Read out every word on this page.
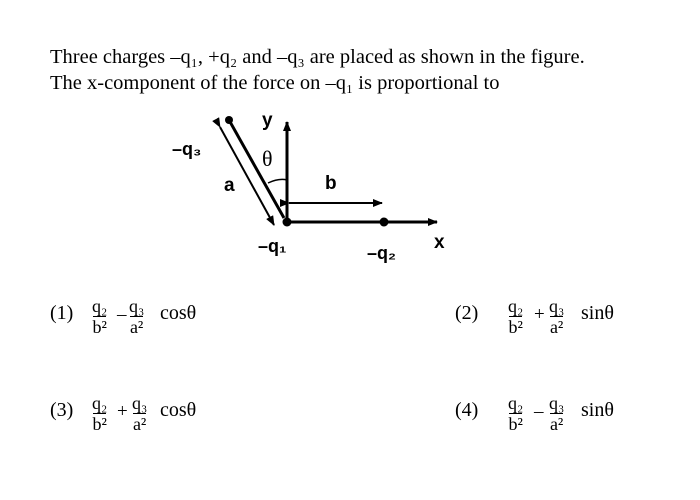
Three charges –q₁, +q₂ and –q₃ are placed as shown in the figure.

The x-component of the force on –q₁ is proportional to

–q₃
a
θ
b
y
x
–q₁	–q₂
(1) q₂
b²
– q₃
a²
cosθ	(2) q₂
b²
+ q₃
a²
sinθ
(3) q₂
b²
+ q₃
a²
cosθ	(4) q₂
b²
– q₃
a²
sinθ
